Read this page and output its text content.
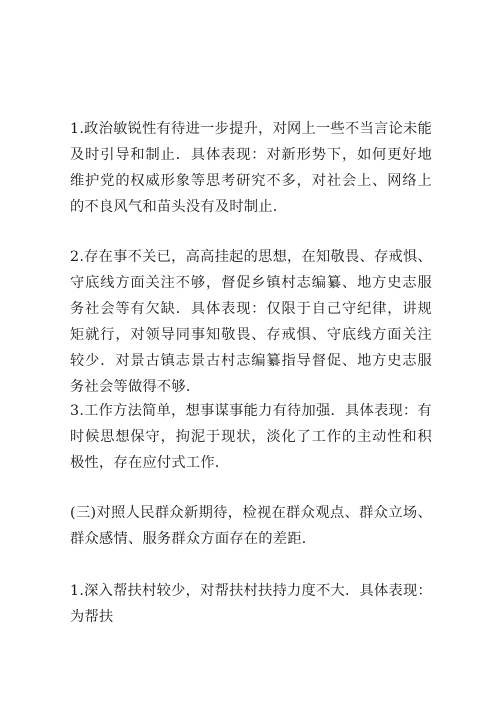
1.政治敏锐性有待进一步提升，对网上一些不当言论未能及时引导和制止．具体表现：对新形势下，如何更好地维护党的权威形象等思考研究不多，对社会上、网络上的不良风气和苗头没有及时制止．

2.存在事不关已，高高挂起的思想，在知敬畏、存戒惧、守底线方面关注不够，督促乡镇村志编纂、地方史志服务社会等有欠缺．具体表现：仅限于自己守纪律，讲规矩就行，对领导同事知敬畏、存戒惧、守底线方面关注较少．对景古镇志景古村志编纂指导督促、地方史志服务社会等做得不够．

3.工作方法简单，想事谋事能力有待加强．具体表现：有时候思想保守，拘泥于现状，淡化了工作的主动性和积极性，存在应付式工作．

(三)对照人民群众新期待，检视在群众观点、群众立场、群众感情、服务群众方面存在的差距．

1.深入帮扶村较少，对帮扶村扶持力度不大．具体表现：为帮扶
